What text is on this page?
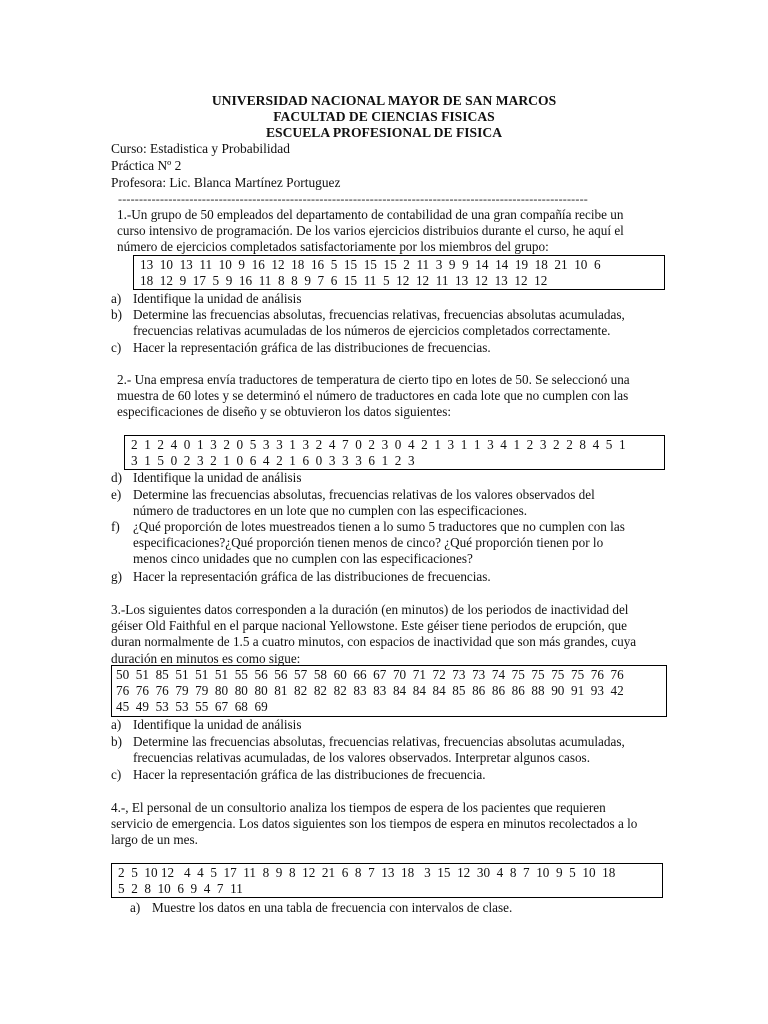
UNIVERSIDAD NACIONAL MAYOR DE SAN MARCOS
FACULTAD DE CIENCIAS FISICAS
ESCUELA PROFESIONAL DE FISICA
Curso: Estadistica y Probabilidad
Práctica Nº 2
Profesora: Lic. Blanca Martínez Portuguez
----------------------------------------------------------------------------------------------------------------
1.-Un grupo de 50 empleados del departamento de contabilidad de una gran compañía recibe un
curso intensivo de programación. De los varios ejercicios distribuios durante el curso, he aquí el
número de ejercicios completados satisfactoriamente por los miembros del grupo:
13  10  13  11  10  9  16  12  18  16  5  15  15  15  2  11  3  9  9  14  14  19  18  21  10  6
18  12  9  17  5  9  16  11  8  8  9  7  6  15  11  5  12  12  11  13  12  13  12  12
a) Identifique la unidad de análisis
b) Determine las frecuencias absolutas, frecuencias relativas, frecuencias absolutas acumuladas,
frecuencias relativas acumuladas de los números de ejercicios completados correctamente.
c) Hacer la representación gráfica de las distribuciones de frecuencias.
2.- Una empresa envía traductores de temperatura de cierto tipo en lotes de 50. Se seleccionó una
muestra de 60 lotes y se determinó el número de traductores en cada lote que no cumplen con las
especificaciones de diseño y se obtuvieron los datos siguientes:
2  1  2  4  0  1  3  2  0  5  3  3  1  3  2  4  7  0  2  3  0  4  2  1  3  1  1  3  4  1  2  3  2  2  8  4  5  1
3  1  5  0  2  3  2  1  0  6  4  2  1  6  0  3  3  3  6  1  2  3
d) Identifique la unidad de análisis
e) Determine las frecuencias absolutas, frecuencias relativas de los valores observados del
número de traductores en un lote que no cumplen con las especificaciones.
f) ¿Qué proporción de lotes muestreados tienen a lo sumo 5 traductores que no cumplen con las
especificaciones?¿Qué proporción tienen menos de cinco? ¿Qué proporción tienen por lo
menos cinco unidades que no cumplen con las especificaciones?
g) Hacer la representación gráfica de las distribuciones de frecuencias.
3.-Los siguientes datos corresponden a la duración (en minutos) de los periodos de inactividad del
géiser Old Faithful en el parque nacional Yellowstone. Este géiser tiene periodos de erupción, que
duran normalmente de 1.5 a cuatro minutos, con espacios de inactividad que son más grandes, cuya
duración en minutos es como sigue:
50  51  85  51  51  51  55  56  56  57  58  60  66  67  70  71  72  73  73  74  75  75  75  75  76  76
76  76  76  79  79  80  80  80  81  82  82  82  83  83  84  84  84  85  86  86  86  88  90  91  93  42
45  49  53  53  55  67  68  69
a) Identifique la unidad de análisis
b) Determine las frecuencias absolutas, frecuencias relativas, frecuencias absolutas acumuladas,
frecuencias relativas acumuladas, de los valores observados. Interpretar algunos casos.
c) Hacer la representación gráfica de las distribuciones de frecuencia.
4.-, El personal de un consultorio analiza los tiempos de espera de los pacientes que requieren
servicio de emergencia. Los datos siguientes son los tiempos de espera en minutos recolectados a lo
largo de un mes.
2  5  10 12   4  4  5  17  11  8  9  8  12  21  6  8  7  13  18   3  15  12  30  4  8  7  10  9  5  10  18
5  2  8  10  6  9  4  7  11
a) Muestre los datos en una tabla de frecuencia con intervalos de clase.
